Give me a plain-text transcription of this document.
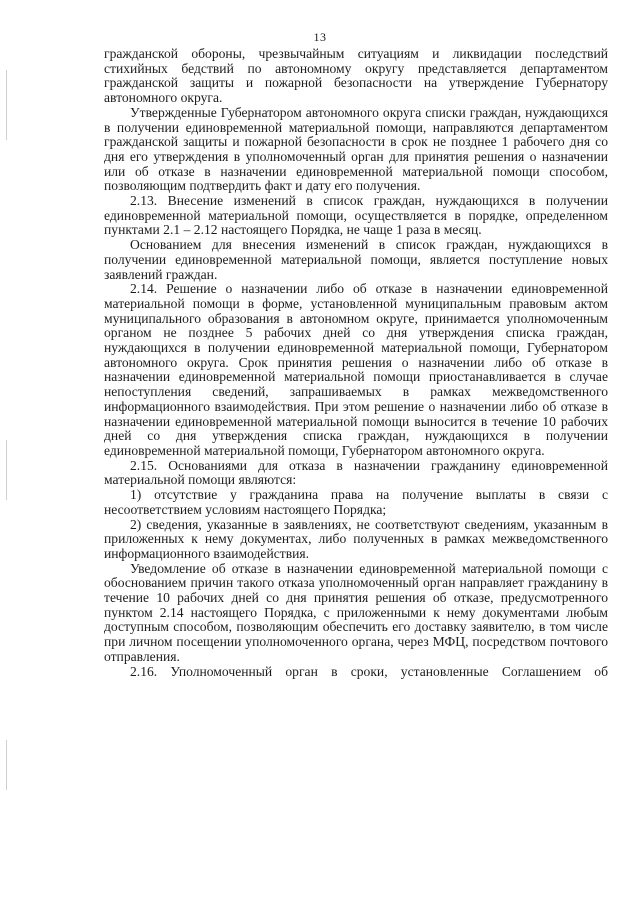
13

гражданской обороны, чрезвычайным ситуациям и ликвидации последствий стихийных бедствий по автономному округу представляется департаментом гражданской защиты и пожарной безопасности на утверждение Губернатору автономного округа.

Утвержденные Губернатором автономного округа списки граждан, нуждающихся в получении единовременной материальной помощи, направляются департаментом гражданской защиты и пожарной безопасности в срок не позднее 1 рабочего дня со дня его утверждения в уполномоченный орган для принятия решения о назначении или об отказе в назначении единовременной материальной помощи способом, позволяющим подтвердить факт и дату его получения.

2.13. Внесение изменений в список граждан, нуждающихся в получении единовременной материальной помощи, осуществляется в порядке, определенном пунктами 2.1 – 2.12 настоящего Порядка, не чаще 1 раза в месяц.

Основанием для внесения изменений в список граждан, нуждающихся в получении единовременной материальной помощи, является поступление новых заявлений граждан.

2.14. Решение о назначении либо об отказе в назначении единовременной материальной помощи в форме, установленной муниципальным правовым актом муниципального образования в автономном округе, принимается уполномоченным органом не позднее 5 рабочих дней со дня утверждения списка граждан, нуждающихся в получении единовременной материальной помощи, Губернатором автономного округа. Срок принятия решения о назначении либо об отказе в назначении единовременной материальной помощи приостанавливается в случае непоступления сведений, запрашиваемых в рамках межведомственного информационного взаимодействия. При этом решение о назначении либо об отказе в назначении единовременной материальной помощи выносится в течение 10 рабочих дней со дня утверждения списка граждан, нуждающихся в получении единовременной материальной помощи, Губернатором автономного округа.

2.15. Основаниями для отказа в назначении гражданину единовременной материальной помощи являются:

1) отсутствие у гражданина права на получение выплаты в связи с несоответствием условиям настоящего Порядка;

2) сведения, указанные в заявлениях, не соответствуют сведениям, указанным в приложенных к нему документах, либо полученных в рамках межведомственного информационного взаимодействия.

Уведомление об отказе в назначении единовременной материальной помощи с обоснованием причин такого отказа уполномоченный орган направляет гражданину в течение 10 рабочих дней со дня принятия решения об отказе, предусмотренного пунктом 2.14 настоящего Порядка, с приложенными к нему документами любым доступным способом, позволяющим обеспечить его доставку заявителю, в том числе при личном посещении уполномоченного органа, через МФЦ, посредством почтового отправления.

2.16. Уполномоченный орган в сроки, установленные Соглашением об
